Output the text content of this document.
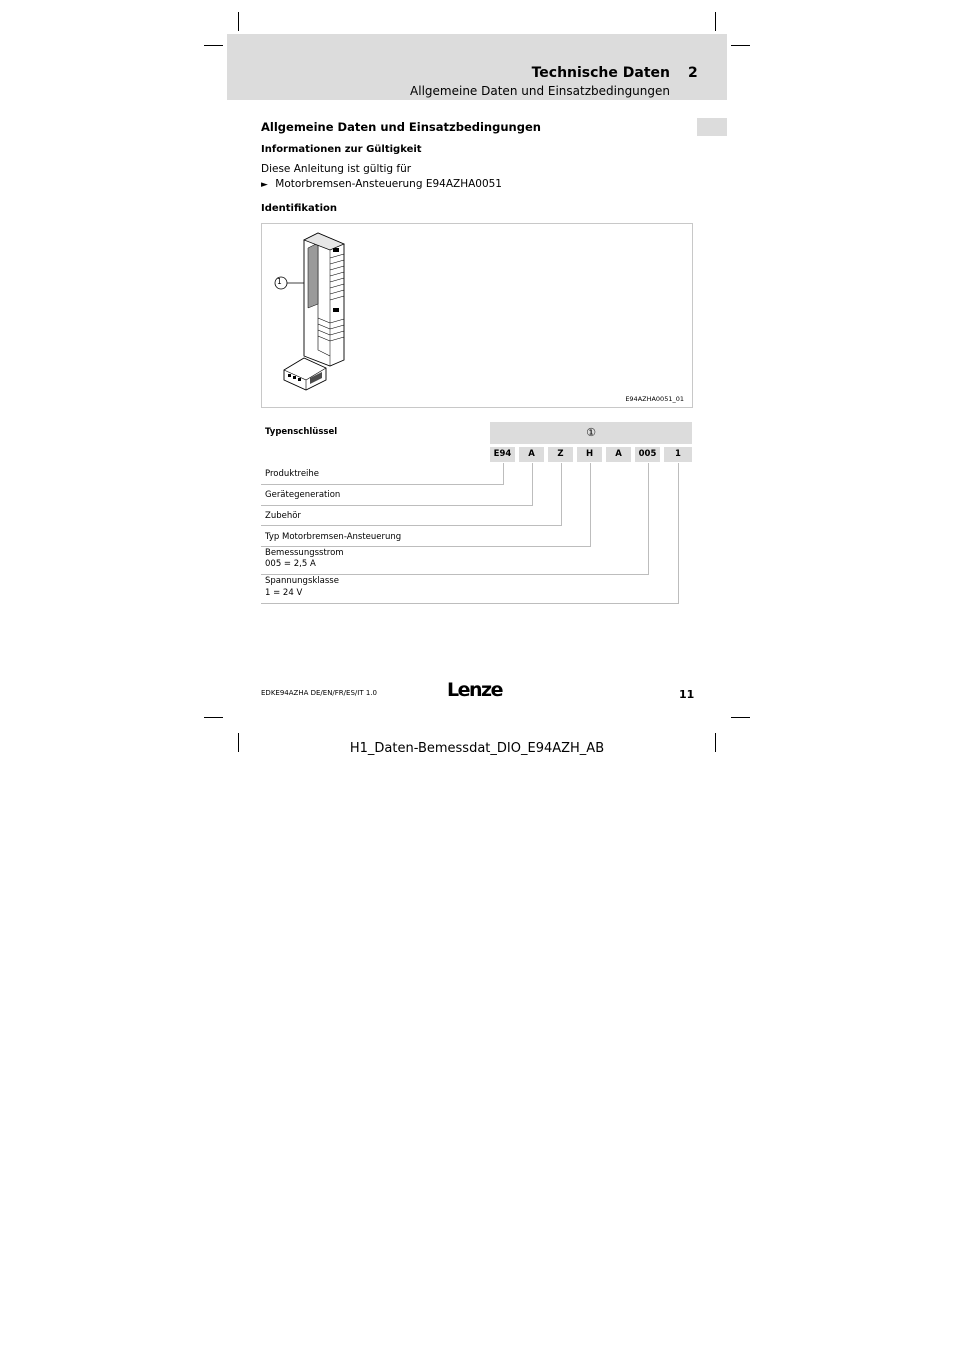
Technische Daten 2
Allgemeine Daten und Einsatzbedingungen
Allgemeine Daten und Einsatzbedingungen
Informationen zur Gültigkeit
Diese Anleitung ist gültig für
► Motorbremsen-Ansteuerung E94AZHA0051
Identifikation
1
E94AZHA0051_01
Typenschlüssel	①
E94	A	Z	H	A	005	1
Produktreihe
Gerätegeneration
Zubehör
Typ Motorbremsen-Ansteuerung
Bemessungsstrom
005 = 2,5 A
Spannungsklasse
1 = 24 V
EDKE94AZHA DE/EN/FR/ES/IT 1.0	Lenze	11
H1_Daten-Bemessdat_DIO_E94AZH_AB
